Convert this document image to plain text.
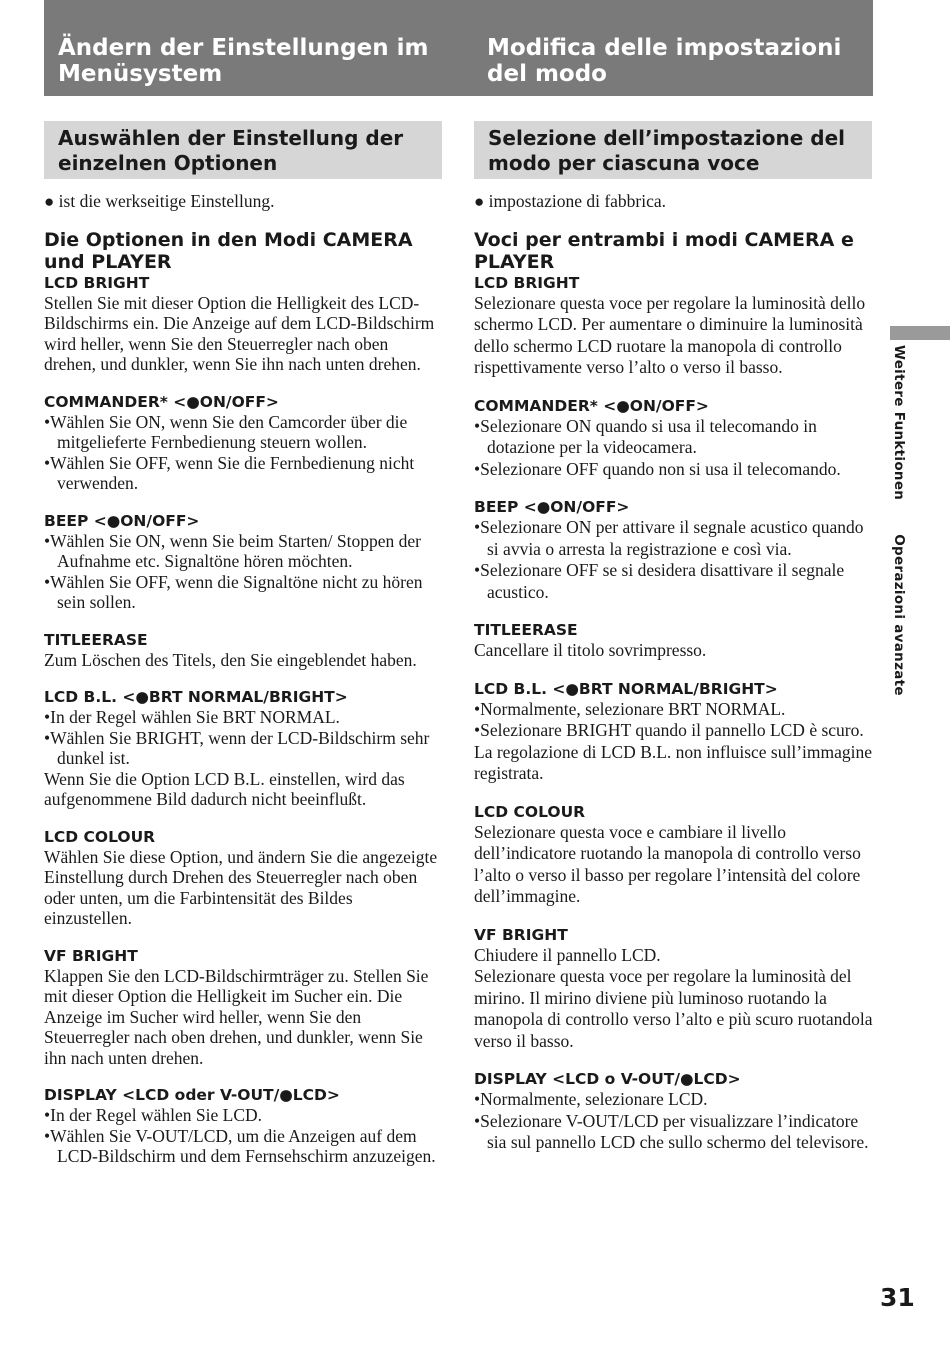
Ändern der Einstellungen im Menüsystem
Modifica delle impostazioni del modo
Auswählen der Einstellung der einzelnen Optionen
Selezione dell’impostazione del modo per ciascuna voce

● ist die werkseitige Einstellung.

Die Optionen in den Modi CAMERA und PLAYER
LCD BRIGHT

Stellen Sie mit dieser Option die Helligkeit des LCD-Bildschirms ein. Die Anzeige auf dem LCD-Bildschirm wird heller, wenn Sie den Steuerregler nach oben drehen, und dunkler, wenn Sie ihn nach unten drehen.

COMMANDER* <●ON/OFF>

•Wählen Sie ON, wenn Sie den Camcorder über die mitgelieferte Fernbedienung steuern wollen.

•Wählen Sie OFF, wenn Sie die Fernbedienung nicht verwenden.

BEEP <●ON/OFF>

•Wählen Sie ON, wenn Sie beim Starten/ Stoppen der Aufnahme etc. Signaltöne hören möchten.

•Wählen Sie OFF, wenn die Signaltöne nicht zu hören sein sollen.

TITLEERASE

Zum Löschen des Titels, den Sie eingeblendet haben.

LCD B.L. <●BRT NORMAL/BRIGHT>

•In der Regel wählen Sie BRT NORMAL.

•Wählen Sie BRIGHT, wenn der LCD-Bildschirm sehr dunkel ist.

Wenn Sie die Option LCD B.L. einstellen, wird das aufgenommene Bild dadurch nicht beeinflußt.

LCD COLOUR

Wählen Sie diese Option, und ändern Sie die angezeigte Einstellung durch Drehen des Steuerregler nach oben oder unten, um die Farbintensität des Bildes einzustellen.

VF BRIGHT

Klappen Sie den LCD-Bildschirmträger zu. Stellen Sie mit dieser Option die Helligkeit im Sucher ein. Die Anzeige im Sucher wird heller, wenn Sie den Steuerregler nach oben drehen, und dunkler, wenn Sie ihn nach unten drehen.

DISPLAY <LCD oder V-OUT/●LCD>

•In der Regel wählen Sie LCD.

•Wählen Sie V-OUT/LCD, um die Anzeigen auf dem LCD-Bildschirm und dem Fernsehschirm anzuzeigen.

● impostazione di fabbrica.

Voci per entrambi i modi CAMERA e PLAYER
LCD BRIGHT

Selezionare questa voce per regolare la luminosità dello schermo LCD. Per aumentare o diminuire la luminosità dello schermo LCD ruotare la manopola di controllo rispettivamente verso l’alto o verso il basso.

COMMANDER* <●ON/OFF>

•Selezionare ON quando si usa il telecomando in dotazione per la videocamera.

•Selezionare OFF quando non si usa il telecomando.

BEEP <●ON/OFF>

•Selezionare ON per attivare il segnale acustico quando si avvia o arresta la registrazione e così via.

•Selezionare OFF se si desidera disattivare il segnale acustico.

TITLEERASE

Cancellare il titolo sovrimpresso.

LCD B.L. <●BRT NORMAL/BRIGHT>

•Normalmente, selezionare BRT NORMAL.

•Selezionare BRIGHT quando il pannello LCD è scuro.

La regolazione di LCD B.L. non influisce sull’immagine registrata.

LCD COLOUR

Selezionare questa voce e cambiare il livello dell’indicatore ruotando la manopola di controllo verso l’alto o verso il basso per regolare l’intensità del colore dell’immagine.

VF BRIGHT

Chiudere il pannello LCD.

Selezionare questa voce per regolare la luminosità del mirino. Il mirino diviene più luminoso ruotando la manopola di controllo verso l’alto e più scuro ruotandola verso il basso.

DISPLAY <LCD o V-OUT/●LCD>

•Normalmente, selezionare LCD.

•Selezionare V-OUT/LCD per visualizzare l’indicatore sia sul pannello LCD che sullo schermo del televisore.

Weitere FunktionenOperazioni avanzate
31
